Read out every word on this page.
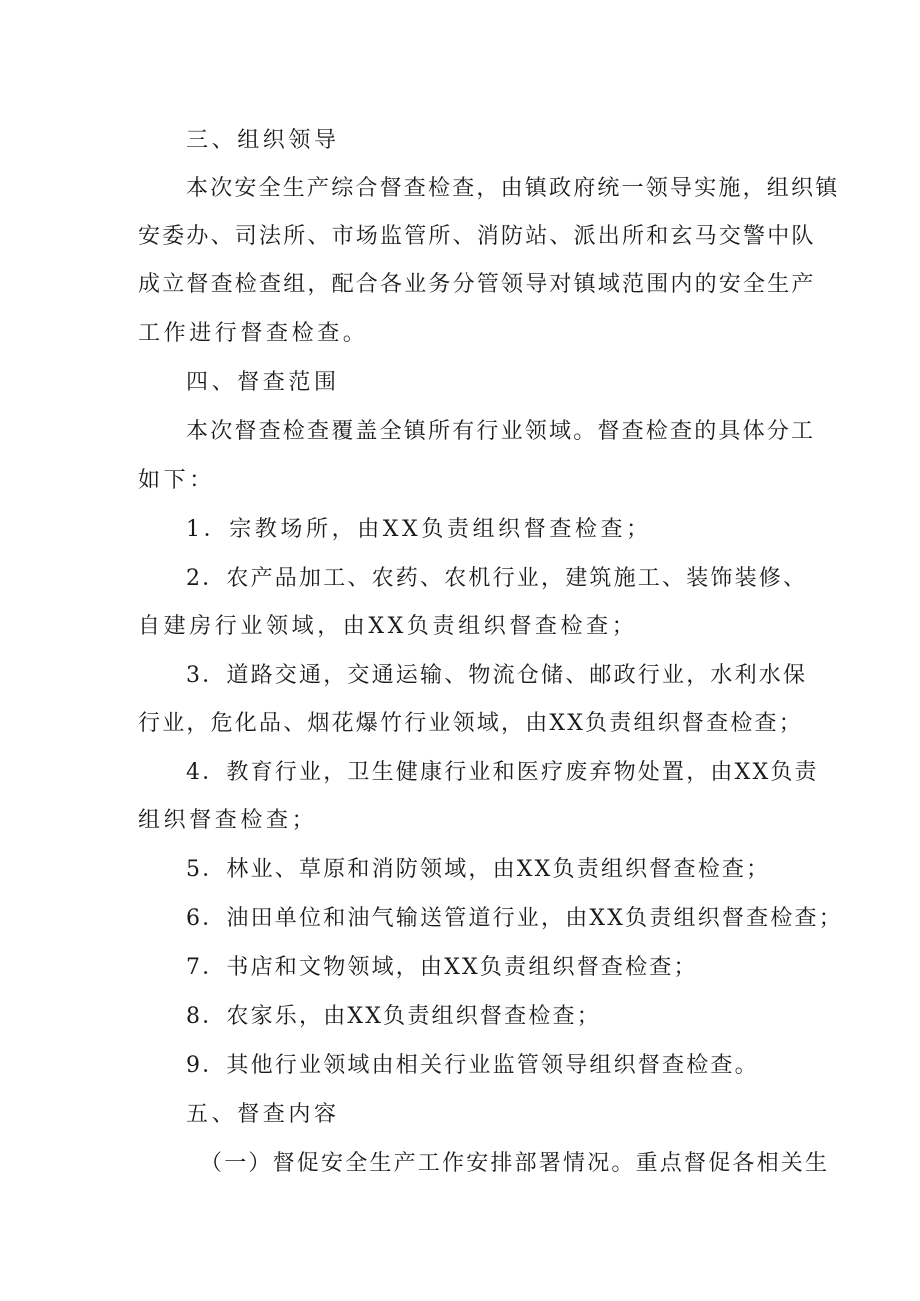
三、组织领导
本次安全生产综合督查检查，由镇政府统一领导实施，组织镇
安委办、司法所、市场监管所、消防站、派出所和玄马交警中队
成立督查检查组，配合各业务分管领导对镇域范围内的安全生产
工作进行督查检查。
四、督查范围
本次督查检查覆盖全镇所有行业领域。督查检查的具体分工
如下：
1．宗教场所，由XX负责组织督查检查；
2．农产品加工、农药、农机行业，建筑施工、装饰装修、
自建房行业领域，由XX负责组织督查检查；
3．道路交通，交通运输、物流仓储、邮政行业，水利水保
行业，危化品、烟花爆竹行业领域，由XX负责组织督查检查；
4．教育行业，卫生健康行业和医疗废弃物处置，由XX负责
组织督查检查；
5．林业、草原和消防领域，由XX负责组织督查检查；
6．油田单位和油气输送管道行业，由XX负责组织督查检查；
7．书店和文物领域，由XX负责组织督查检查；
8．农家乐，由XX负责组织督查检查；
9．其他行业领域由相关行业监管领导组织督查检查。
五、督查内容
（一）督促安全生产工作安排部署情况。重点督促各相关生
